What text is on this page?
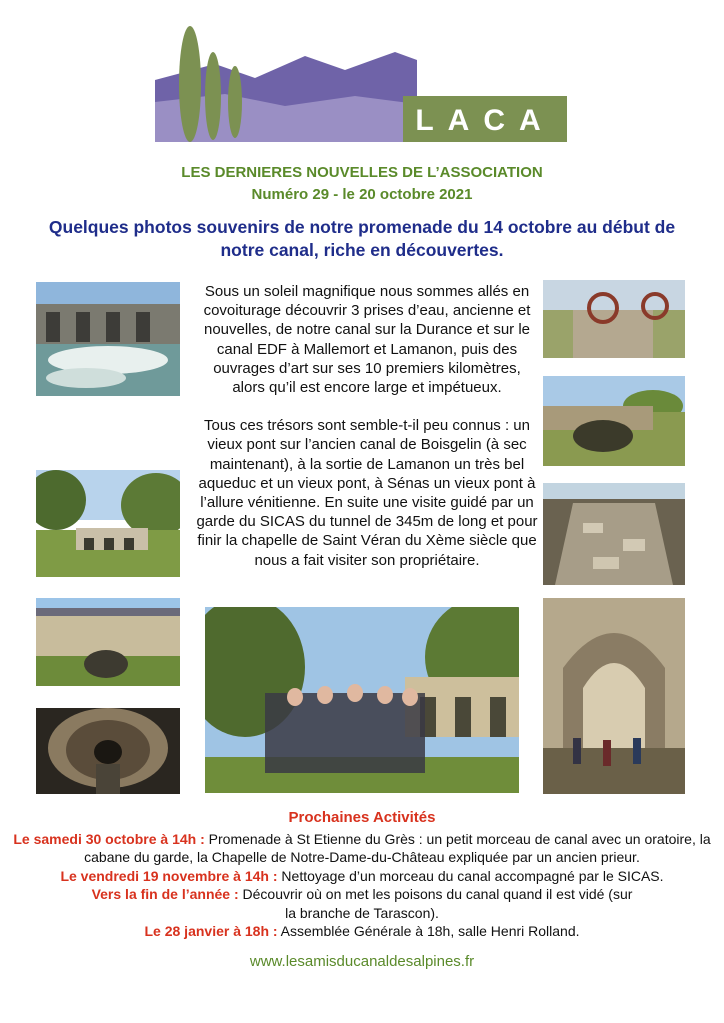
LACA
LES DERNIERES NOUVELLES DE L’ASSOCIATION
Numéro 29 - le 20 octobre 2021
Quelques photos souvenirs de notre promenade du 14 octobre au début de notre canal, riche en découvertes.

Sous un soleil magnifique nous sommes allés en covoiturage découvrir 3 prises d’eau, ancienne et nouvelles, de notre canal sur la Durance et sur le canal EDF à Mallemort et Lamanon, puis des ouvrages d’art sur ses 10 premiers kilomètres, alors qu’il est encore large et impétueux.

Tous ces trésors sont semble-t-il peu connus : un vieux pont sur l’ancien canal de Boisgelin (à sec maintenant), à la sortie de Lamanon un très bel aqueduc et un vieux pont, à Sénas un vieux pont à l’allure vénitienne. En suite une visite guidé par un garde du SICAS du tunnel de 345m de long et pour finir la chapelle de Saint Véran du Xème siècle que nous a fait visiter son propriétaire.

Prochaines Activités
Le samedi 30 octobre à 14h : Promenade à St Etienne du Grès : un petit morceau de canal avec un oratoire, la cabane du garde, la Chapelle de Notre-Dame-du-Château expliquée par un ancien prieur.
Le vendredi 19 novembre à 14h : Nettoyage d’un morceau du canal accompagné par le SICAS.
Vers la fin de l’année : Découvrir où on met les poisons du canal quand il est vidé (sur la branche de Tarascon).
Le 28 janvier à 18h : Assemblée Générale à 18h, salle Henri Rolland.
www.lesamisducanaldesalpines.fr
